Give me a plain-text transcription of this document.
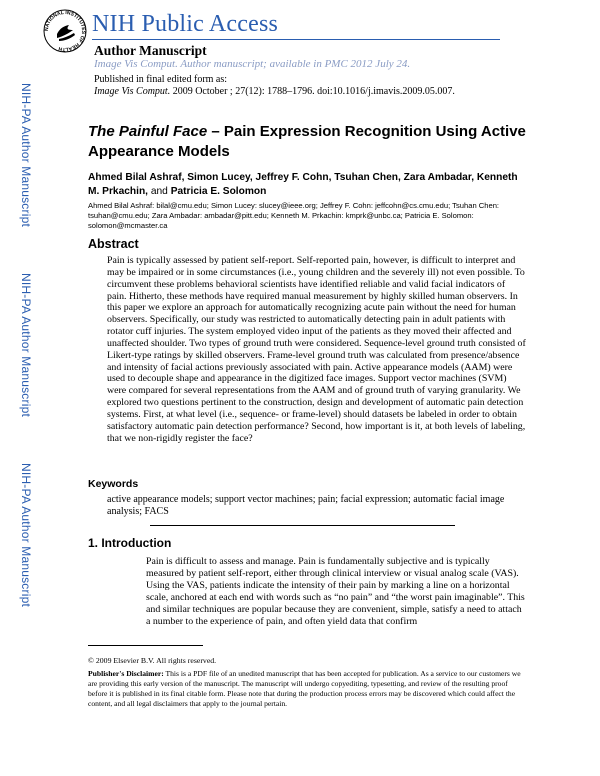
NATIONAL INSTITUTES OF HEALTH
NIH Public Access
Author Manuscript
Image Vis Comput. Author manuscript; available in PMC 2012 July 24.
Published in final edited form as:
Image Vis Comput. 2009 October ; 27(12): 1788–1796. doi:10.1016/j.imavis.2009.05.007.
NIH-PA Author Manuscript
NIH-PA Author Manuscript
NIH-PA Author Manuscript
The Painful Face – Pain Expression Recognition Using Active Appearance Models
Ahmed Bilal Ashraf, Simon Lucey, Jeffrey F. Cohn, Tsuhan Chen, Zara Ambadar, Kenneth M. Prkachin, and Patricia E. Solomon
Ahmed Bilal Ashraf: bilal@cmu.edu; Simon Lucey: slucey@ieee.org; Jeffrey F. Cohn: jeffcohn@cs.cmu.edu; Tsuhan Chen: tsuhan@cmu.edu; Zara Ambadar: ambadar@pitt.edu; Kenneth M. Prkachin: kmprk@unbc.ca; Patricia E. Solomon: solomon@mcmaster.ca
Abstract
Pain is typically assessed by patient self-report. Self-reported pain, however, is difficult to interpret and may be impaired or in some circumstances (i.e., young children and the severely ill) not even possible. To circumvent these problems behavioral scientists have identified reliable and valid facial indicators of pain. Hitherto, these methods have required manual measurement by highly skilled human observers. In this paper we explore an approach for automatically recognizing acute pain without the need for human observers. Specifically, our study was restricted to automatically detecting pain in adult patients with rotator cuff injuries. The system employed video input of the patients as they moved their affected and unaffected shoulder. Two types of ground truth were considered. Sequence-level ground truth consisted of Likert-type ratings by skilled observers. Frame-level ground truth was calculated from presence/absence and intensity of facial actions previously associated with pain. Active appearance models (AAM) were used to decouple shape and appearance in the digitized face images. Support vector machines (SVM) were compared for several representations from the AAM and of ground truth of varying granularity. We explored two questions pertinent to the construction, design and development of automatic pain detection systems. First, at what level (i.e., sequence- or frame-level) should datasets be labeled in order to obtain satisfactory automatic pain detection performance? Second, how important is it, at both levels of labeling, that we non-rigidly register the face?
Keywords
active appearance models; support vector machines; pain; facial expression; automatic facial image analysis; FACS
1. Introduction
Pain is difficult to assess and manage. Pain is fundamentally subjective and is typically measured by patient self-report, either through clinical interview or visual analog scale (VAS). Using the VAS, patients indicate the intensity of their pain by marking a line on a horizontal scale, anchored at each end with words such as “no pain” and “the worst pain imaginable”. This and similar techniques are popular because they are convenient, simple, satisfy a need to attach a number to the experience of pain, and often yield data that confirm
© 2009 Elsevier B.V. All rights reserved.
Publisher's Disclaimer: This is a PDF file of an unedited manuscript that has been accepted for publication. As a service to our customers we are providing this early version of the manuscript. The manuscript will undergo copyediting, typesetting, and review of the resulting proof before it is published in its final citable form. Please note that during the production process errors may be discovered which could affect the content, and all legal disclaimers that apply to the journal pertain.
